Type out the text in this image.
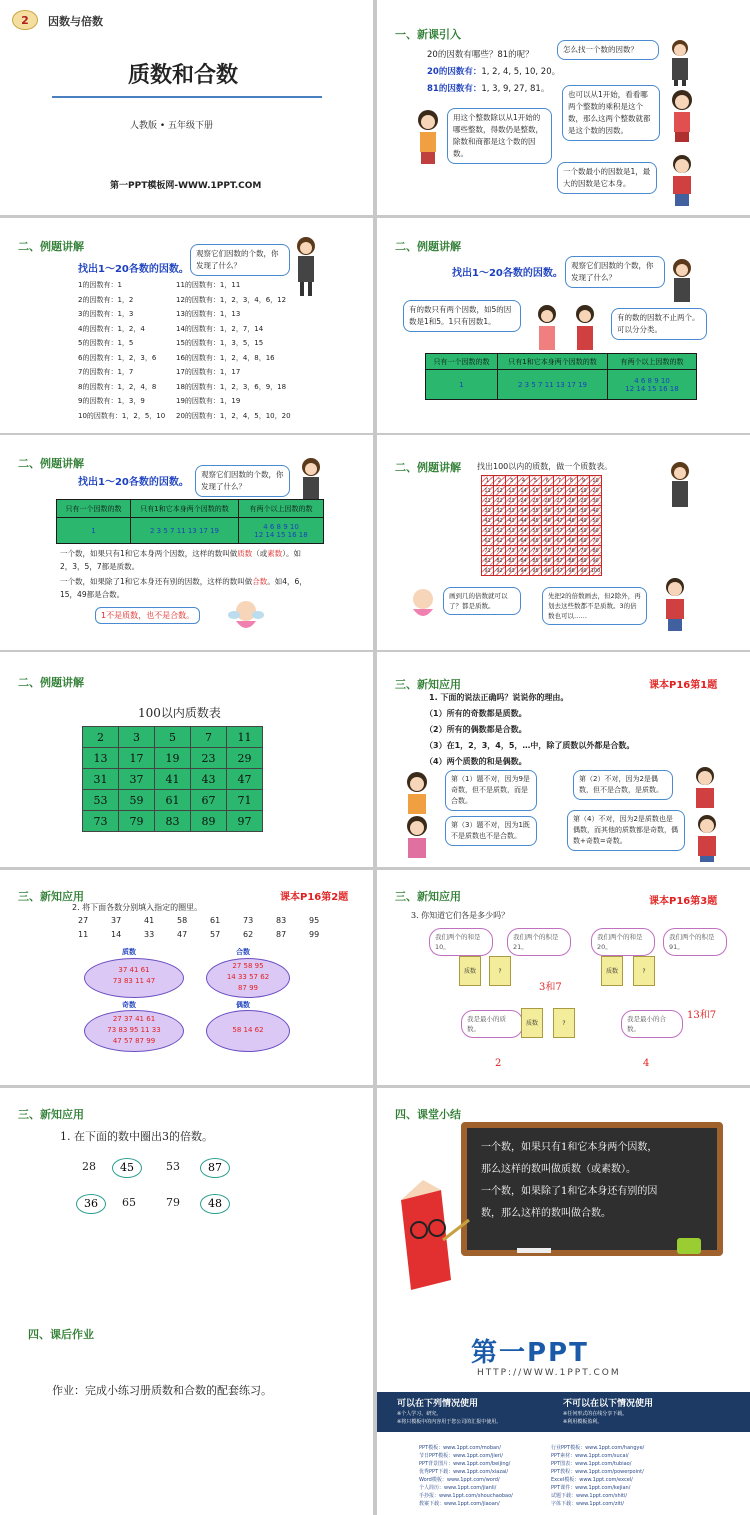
2	因数与倍数
质数和合数
人教版 • 五年级下册
第一PPT模板网-WWW.1PPT.COM
一、新课引入
20的因数有哪些？81的呢？
20的因数有：1, 2, 4, 5, 10, 20。
81的因数有：1, 3, 9, 27, 81。
怎么找一个数的因数？
也可以从1开始，看看哪两个整数的乘积是这个数，那么这两个整数就都是这个数的因数。
用这个整数除以从1开始的哪些整数，得数仍是整数，除数和商都是这个数的因数。
一个数最小的因数是1，最大的因数是它本身。
二、例题讲解
找出1～20各数的因数。
观察它们因数的个数，你发现了什么？
1的因数有：1
2的因数有：1，2
3的因数有：1，3
4的因数有：1，2，4
5的因数有：1，5
6的因数有：1，2，3，6
7的因数有：1，7
8的因数有：1，2，4，8
9的因数有：1，3，9
10的因数有：1，2，5，10
11的因数有：1，11
12的因数有：1，2，3，4，6，12
13的因数有：1，13
14的因数有：1，2，7，14
15的因数有：1，3，5，15
16的因数有：1，2，4，8，16
17的因数有：1，17
18的因数有：1，2，3，6，9，18
19的因数有：1，19
20的因数有：1，2，4，5，10，20
二、例题讲解
找出1～20各数的因数。
观察它们因数的个数，你发现了什么？
有的数只有两个因数，如5的因数是1和5。1只有因数1。	有的数的因数不止两个。可以分分类。
只有一个因数的数	只有1和它本身两个因数的数	有两个以上因数的数
1	2 3 5 7 11 13 17 19	4 6 8 9 10
12 14 15 16 18
二、例题讲解
找出1～20各数的因数。
观察它们因数的个数，你发现了什么？
只有一个因数的数	只有1和它本身两个因数的数	有两个以上因数的数
1	2 3 5 7 11 13 17 19	4 6 8 9 10
12 14 15 16 18
一个数，如果只有1和它本身两个因数，这样的数叫做质数（或素数）。如2，3，5，7都是质数。
一个数，如果除了1和它本身还有别的因数，这样的数叫做合数。如4，6，15，49都是合数。
1不是质数，也不是合数。
二、例题讲解 找出100以内的质数，做一个质数表。
1	2	3	4	5	6	7	8	9	10
11	12	13	14	15	16	17	18	19	20
21	22	23	24	25	26	27	28	29	30
31	32	33	34	35	36	37	38	39	40
41	42	43	44	45	46	47	48	49	50
51	52	53	54	55	56	57	58	59	60
61	62	63	64	65	66	67	68	69	70
71	72	73	74	75	76	77	78	79	80
81	82	83	84	85	86	87	88	89	90
91	92	93	94	95	96	97	98	99	100
画到几的倍数就可以了？都是质数。
先把2的倍数画去，但2除外，再划去这些数都不是质数。3的倍数也可以……
二、例题讲解
100以内质数表
2	3	5	7	11
13	17	19	23	29
31	37	41	43	47
53	59	61	67	71
73	79	83	89	97
三、新知应用	课本P16第1题
1. 下面的说法正确吗？说说你的理由。
（1）所有的奇数都是质数。
（2）所有的偶数都是合数。
（3）在1，2，3，4，5，…中，除了质数以外都是合数。
（4）两个质数的和是偶数。
第（1）题不对，因为9是奇数，但不是质数，而是合数。
第（2）不对，因为2是偶数，但不是合数，是质数。
第（3）题不对，因为1既不是质数也不是合数。
第（4）不对，因为2是质数也是偶数，而其他的质数都是奇数，偶数+奇数=奇数。
三、新知应用	课本P16第2题
2. 将下面各数分别填入指定的圈里。
27	37	41	58	61	73	83	95
11	14	33	47	57	62	87	99
质数
37 41 61
73 83 11 47
合数
27 58 95
14 33 57 62
87 99
奇数
27 37 41 61
73 83 95 11 33
47 57 87 99
偶数
58 14 62
三、新知应用	课本P16第3题
3. 你知道它们各是多少吗？
我们两个的和是10。
我们两个的积是21。
3和7
我们两个的和是20。
我们两个的积是91。
13和7
我是最小的质数。
2
我是最小的合数。
4
质数	?	质数	?
质数	?
三、新知应用
1. 在下面的数中圈出3的倍数。
28	45	53	87
36	65	79	48
四、课堂小结
一个数，如果只有1和它本身两个因数，
那么这样的数叫做质数（或素数）。
一个数，如果除了1和它本身还有别的因
数，那么这样的数叫做合数。
四、课后作业
作业：完成小练习册质数和合数的配套练习。
第一PPT
HTTP://WWW.1PPT.COM
可以在下列情况使用
※个人学习、研究。
※将只模板中的内容用于您公司的汇报中使用。
不可以在以下情况使用
※任何形式的在线分享下载。
※利用模板盈利。
PPT模板：www.1ppt.com/moban/
节日PPT模板：www.1ppt.com/jieri/
PPT背景图片：www.1ppt.com/beijing/
优秀PPT下载：www.1ppt.com/xiazai/
Word模板：www.1ppt.com/word/
个人简历：www.1ppt.com/jianli/
手抄报：www.1ppt.com/shouchaobao/
教案下载：www.1ppt.com/jiaoan/
行业PPT模板：www.1ppt.com/hangye/
PPT素材：www.1ppt.com/sucai/
PPT图表：www.1ppt.com/tubiao/
PPT教程：www.1ppt.com/powerpoint/
Excel模板：www.1ppt.com/excel/
PPT课件：www.1ppt.com/kejian/
试题下载：www.1ppt.com/shiti/
字体下载：www.1ppt.com/ziti/
